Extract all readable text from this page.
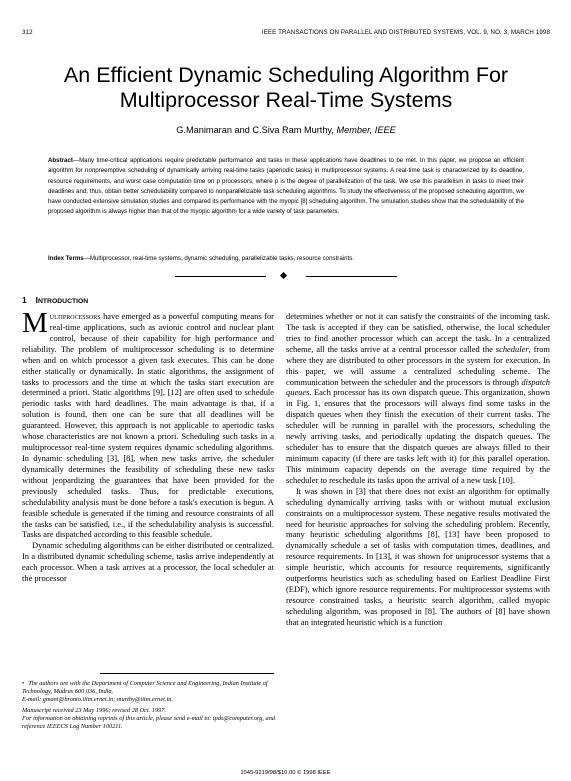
312	IEEE TRANSACTIONS ON PARALLEL AND DISTRIBUTED SYSTEMS, VOL. 9, NO. 3, MARCH 1998
An Efficient Dynamic Scheduling Algorithm For
Multiprocessor Real-Time Systems
G.Manimaran and C.Siva Ram Murthy, Member, IEEE

Abstract—Many time-critical applications require predictable performance and tasks in these applications have deadlines to be met. In this paper, we propose an efficient algorithm for nonpreemptive scheduling of dynamically arriving real-time tasks (aperiodic tasks) in multiprocessor systems. A real-time task is characterized by its deadline, resource requirements, and worst case computation time on p processors, where p is the degree of parallelization of the task. We use this parallelism in tasks to meet their deadlines and, thus, obtain better schedulability compared to nonparallelizable task scheduling algorithms. To study the effectiveness of the proposed scheduling algorithm, we have conducted extensive simulation studies and compared its performance with the myopic [8] scheduling algorithm. The simulation studies show that the schedulability of the proposed algorithm is always higher than that of the myopic algorithm for a wide variety of task parameters.

Index Terms—Multiprocessor, real-time systems, dynamic scheduling, parallelizable tasks, resource constraints.

1 INTRODUCTION

Multiprocessors have emerged as a powerful computing means for real-time applications, such as avionic control and nuclear plant control, because of their capability for high performance and reliability. The problem of multiprocessor scheduling is to determine when and on which processor a given task executes. This can be done either statically or dynamically. In static algorithms, the assignment of tasks to processors and the time at which the tasks start execution are determined a priori. Static algorithms [9], [12] are often used to schedule periodic tasks with hard deadlines. The main advantage is that, if a solution is found, then one can be sure that all deadlines will be guaranteed. However, this approach is not applicable to aperiodic tasks whose characteristics are not known a priori. Scheduling such tasks in a multiprocessor real-time system requires dynamic scheduling algorithms. In dynamic scheduling [3], [8], when new tasks arrive, the scheduler dynamically determines the feasibility of scheduling these new tasks without jeopardizing the guarantees that have been provided for the previously scheduled tasks. Thus, for predictable executions, schedulability analysis must be done before a task's execution is begun. A feasible schedule is generated if the timing and resource constraints of all the tasks can be satisfied, i.e., if the schedulability analysis is successful. Tasks are dispatched according to this feasible schedule.

Dynamic scheduling algorithms can be either distributed or centralized. In a distributed dynamic scheduling scheme, tasks arrive independently at each processor. When a task arrives at a processor, the local scheduler at the processor

determines whether or not it can satisfy the constraints of the incoming task. The task is accepted if they can be satisfied, otherwise, the local scheduler tries to find another processor which can accept the task. In a centralized scheme, all the tasks arrive at a central processor called the scheduler, from where they are distributed to other processors in the system for execution. In this paper, we will assume a centralized scheduling scheme. The communication between the scheduler and the processors is through dispatch queues. Each processor has its own dispatch queue. This organization, shown in Fig. 1, ensures that the processors will always find some tasks in the dispatch queues when they finish the execution of their current tasks. The scheduler will be running in parallel with the processors, scheduling the newly arriving tasks, and periodically updating the dispatch queues. The scheduler has to ensure that the dispatch queues are always filled to their minimum capacity (if there are tasks left with it) for this parallel operation. This minimum capacity depends on the average time required by the scheduler to reschedule its tasks upon the arrival of a new task [10].

It was shown in [3] that there does not exist an algorithm for optimally scheduling dynamically arriving tasks with or without mutual exclusion constraints on a multiprocessor system. These negative results motivated the need for heuristic approaches for solving the scheduling problem. Recently, many heuristic scheduling algorithms [8], [13] have been proposed to dynamically schedule a set of tasks with computation times, deadlines, and resource requirements. In [13], it was shown for uniprocessor systems that a simple heuristic, which accounts for resource requirements, significantly outperforms heuristics such as scheduling based on Earliest Deadline First (EDF), which ignore resource requirements. For multiprocessor systems with resource constrained tasks, a heuristic search algorithm, called myopic scheduling algorithm, was proposed in [8]. The authors of [8] have shown that an integrated heuristic which is a function

• The authors are with the Department of Computer Science and Engineering, Indian Institute of Technology, Madras 600 036, India.

E-mail: gmani@bronto.iitm.ernet.in; murthy@iitm.ernet.in.

Manuscript received 23 May 1996; revised 28 Oct. 1997.

For information on obtaining reprints of this article, please send e-mail to: tpds@computer.org, and reference IEEECS Log Number 100211.

1045-9219/98/$10.00 © 1998 IEEE
